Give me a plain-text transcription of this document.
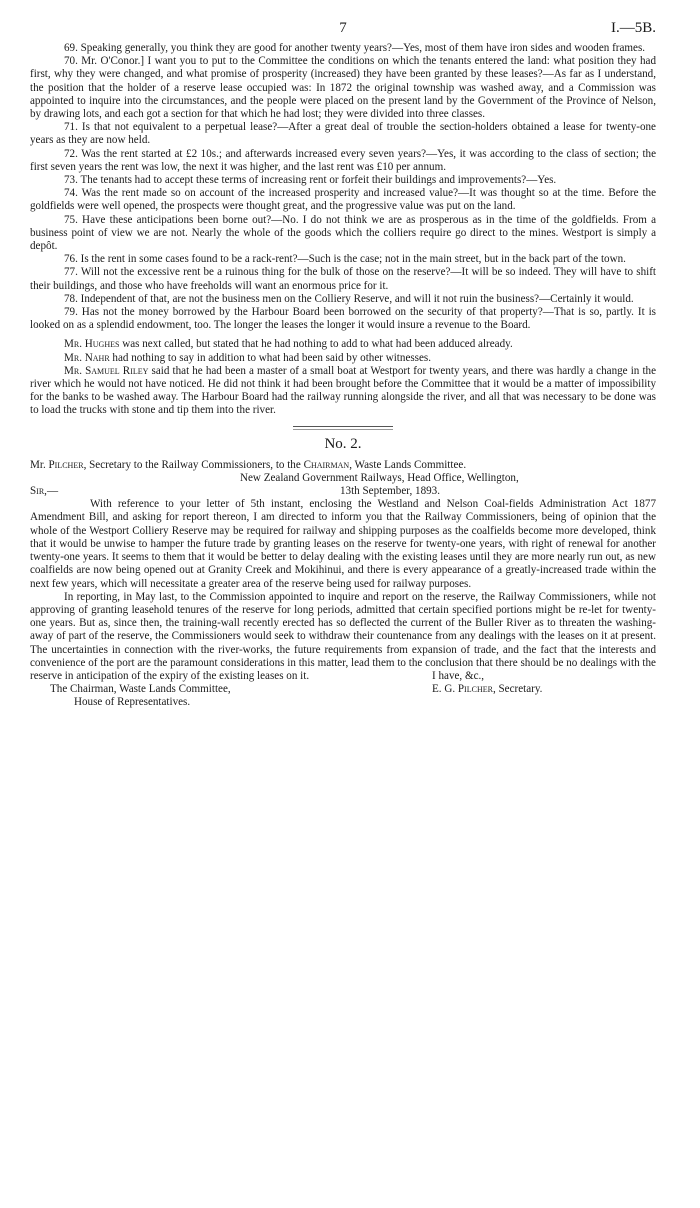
7	I.—5B.

69. Speaking generally, you think they are good for another twenty years?—Yes, most of them have iron sides and wooden frames.

70. Mr. O'Conor.] I want you to put to the Committee the conditions on which the tenants entered the land: what position they had first, why they were changed, and what promise of prosperity (increased) they have been granted by these leases?—As far as I understand, the position that the holder of a reserve lease occupied was: In 1872 the original township was washed away, and a Commission was appointed to inquire into the circumstances, and the people were placed on the present land by the Government of the Province of Nelson, by drawing lots, and each got a section for that which he had lost; they were divided into three classes.

71. Is that not equivalent to a perpetual lease?—After a great deal of trouble the section-holders obtained a lease for twenty-one years as they are now held.

72. Was the rent started at £2 10s.; and afterwards increased every seven years?—Yes, it was according to the class of section; the first seven years the rent was low, the next it was higher, and the last rent was £10 per annum.

73. The tenants had to accept these terms of increasing rent or forfeit their buildings and improvements?—Yes.

74. Was the rent made so on account of the increased prosperity and increased value?—It was thought so at the time. Before the goldfields were well opened, the prospects were thought great, and the progressive value was put on the land.

75. Have these anticipations been borne out?—No. I do not think we are as prosperous as in the time of the goldfields. From a business point of view we are not. Nearly the whole of the goods which the colliers require go direct to the mines. Westport is simply a depôt.

76. Is the rent in some cases found to be a rack-rent?—Such is the case; not in the main street, but in the back part of the town.

77. Will not the excessive rent be a ruinous thing for the bulk of those on the reserve?—It will be so indeed. They will have to shift their buildings, and those who have freeholds will want an enormous price for it.

78. Independent of that, are not the business men on the Colliery Reserve, and will it not ruin the business?—Certainly it would.

79. Has not the money borrowed by the Harbour Board been borrowed on the security of that property?—That is so, partly. It is looked on as a splendid endowment, too. The longer the leases the longer it would insure a revenue to the Board.

Mr. Hughes was next called, but stated that he had nothing to add to what had been adduced already.

Mr. Nahr had nothing to say in addition to what had been said by other witnesses.

Mr. Samuel Riley said that he had been a master of a small boat at Westport for twenty years, and there was hardly a change in the river which he would not have noticed. He did not think it had been brought before the Committee that it would be a matter of impossibility for the banks to be washed away. The Harbour Board had the railway running alongside the river, and all that was necessary to be done was to load the trucks with stone and tip them into the river.

No. 2.

Mr. Pilcher, Secretary to the Railway Commissioners, to the Chairman, Waste Lands Committee.

New Zealand Government Railways, Head Office, Wellington,
Sir,—	13th September, 1893.

With reference to your letter of 5th instant, enclosing the Westland and Nelson Coal-fields Administration Act 1877 Amendment Bill, and asking for report thereon, I am directed to inform you that the Railway Commissioners, being of opinion that the whole of the Westport Colliery Reserve may be required for railway and shipping purposes as the coalfields become more developed, think that it would be unwise to hamper the future trade by granting leases on the reserve for twenty-one years, with right of renewal for another twenty-one years. It seems to them that it would be better to delay dealing with the existing leases until they are more nearly run out, as new coalfields are now being opened out at Granity Creek and Mokihinui, and there is every appearance of a greatly-increased trade within the next few years, which will necessitate a greater area of the reserve being used for railway purposes.

In reporting, in May last, to the Commission appointed to inquire and report on the reserve, the Railway Commissioners, while not approving of granting leasehold tenures of the reserve for long periods, admitted that certain specified portions might be re-let for twenty-one years. But as, since then, the training-wall recently erected has so deflected the current of the Buller River as to threaten the washing-away of part of the reserve, the Commissioners would seek to withdraw their countenance from any dealings with the leases on it at present. The uncertainties in connection with the river-works, the future requirements from expansion of trade, and the fact that the interests and convenience of the port are the paramount considerations in this matter, lead them to the conclusion that there should be no dealings with the reserve in anticipation of the expiry of the existing leases on it.	I have, &c.,
The Chairman, Waste Lands Committee,	E. G. Pilcher, Secretary.
House of Representatives.
